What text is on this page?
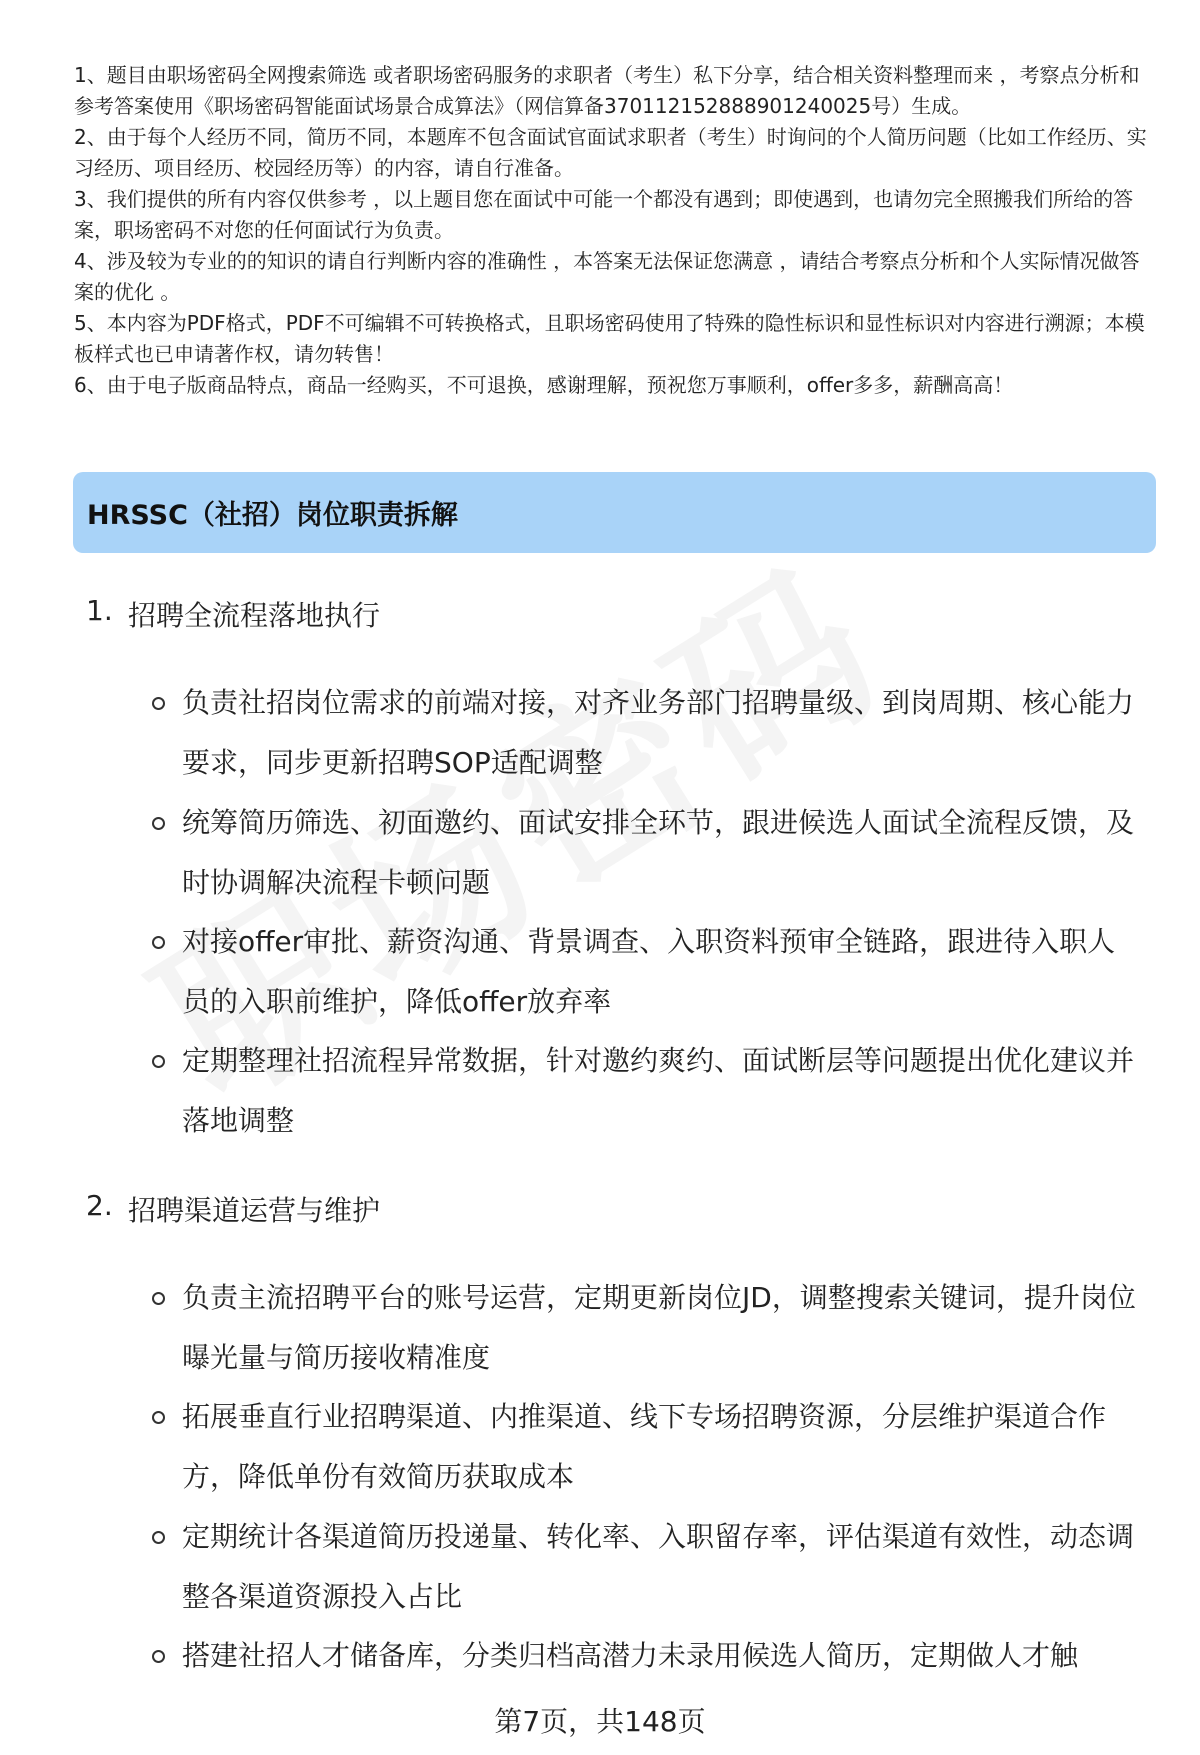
1、题目由职场密码全网搜索筛选 或者职场密码服务的求职者（考生）私下分享，结合相关资料整理而来 ，考察点分析和参考答案使用《职场密码智能面试场景合成算法》（网信算备370112152888901240025号）生成。

2、由于每个人经历不同，简历不同，本题库不包含面试官面试求职者（考生）时询问的个人简历问题（比如工作经历、实习经历、项目经历、校园经历等）的内容，请自行准备。

3、我们提供的所有内容仅供参考 ，以上题目您在面试中可能一个都没有遇到；即使遇到，也请勿完全照搬我们所给的答案，职场密码不对您的任何面试行为负责。

4、涉及较为专业的的知识的请自行判断内容的准确性 ，本答案无法保证您满意 ，请结合考察点分析和个人实际情况做答案的优化 。

5、本内容为PDF格式，PDF不可编辑不可转换格式，且职场密码使用了特殊的隐性标识和显性标识对内容进行溯源；本模板样式也已申请著作权，请勿转售！

6、由于电子版商品特点，商品一经购买，不可退换，感谢理解，预祝您万事顺利，offer多多，薪酬高高！

HRSSC（社招）岗位职责拆解
1. 招聘全流程落地执行
负责社招岗位需求的前端对接，对齐业务部门招聘量级、到岗周期、核心能力要求，同步更新招聘SOP适配调整
统筹简历筛选、初面邀约、面试安排全环节，跟进候选人面试全流程反馈，及时协调解决流程卡顿问题
对接offer审批、薪资沟通、背景调查、入职资料预审全链路，跟进待入职人员的入职前维护，降低offer放弃率
定期整理社招流程异常数据，针对邀约爽约、面试断层等问题提出优化建议并落地调整
2. 招聘渠道运营与维护
负责主流招聘平台的账号运营，定期更新岗位JD，调整搜索关键词，提升岗位曝光量与简历接收精准度
拓展垂直行业招聘渠道、内推渠道、线下专场招聘资源，分层维护渠道合作方，降低单份有效简历获取成本
定期统计各渠道简历投递量、转化率、入职留存率，评估渠道有效性，动态调整各渠道资源投入占比
搭建社招人才储备库，分类归档高潜力未录用候选人简历，定期做人才触
第7页，共148页
